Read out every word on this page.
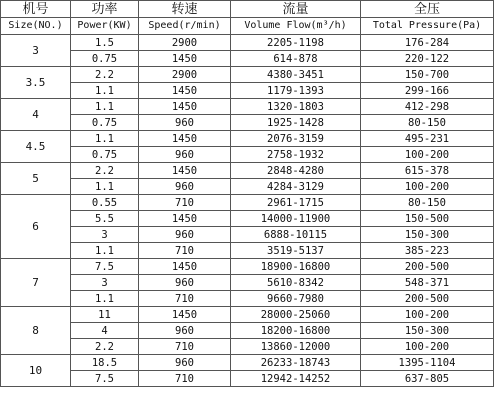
机号	功率	转速	流量	全压
Size(NO.)	Power(KW)	Speed(r/min)	Volume Flow(m³/h)	Total Pressure(Pa)
3	1.5	2900	2205-1198	176-284
	0.75	1450	614-878	220-122
3.5	2.2	2900	4380-3451	150-700
	1.1	1450	1179-1393	299-166
4	1.1	1450	1320-1803	412-298
	0.75	960	1925-1428	80-150
4.5	1.1	1450	2076-3159	495-231
	0.75	960	2758-1932	100-200
5	2.2	1450	2848-4280	615-378
	1.1	960	4284-3129	100-200
6	0.55	710	2961-1715	80-150
	5.5	1450	14000-11900	150-500
	3	960	6888-10115	150-300
	1.1	710	3519-5137	385-223
7	7.5	1450	18900-16800	200-500
	3	960	5610-8342	548-371
	1.1	710	9660-7980	200-500
8	11	1450	28000-25060	100-200
	4	960	18200-16800	150-300
	2.2	710	13860-12000	100-200
10	18.5	960	26233-18743	1395-1104
	7.5	710	12942-14252	637-805
